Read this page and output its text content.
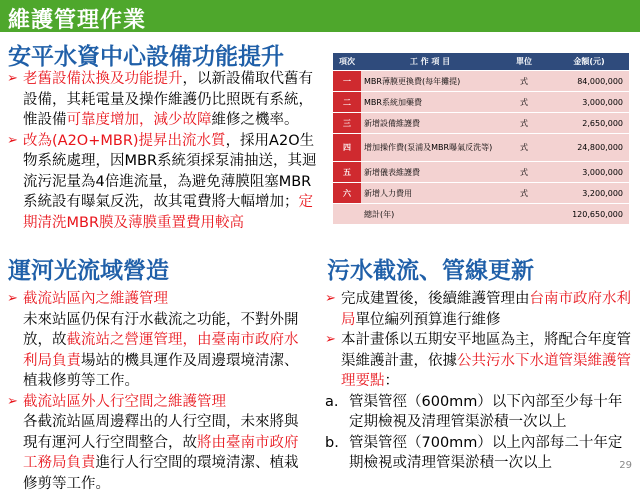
維護管理作業
安平水資中心設備功能提升
➢ 老舊設備汰換及功能提升，以新設備取代舊有設備，其耗電量及操作維護仍比照既有系統，惟設備可靠度增加，減少故障維修之機率。
➢ 改為(A2O+MBR)提昇出流水質，採用A2O生物系統處理，因MBR系統須採泵浦抽送，其迴流污泥量為4倍進流量，為避免薄膜阻塞MBR系統設有曝氣反洗，故其電費將大幅增加；定期清洗MBR膜及薄膜重置費用較高
項次	工 作 項 目	單位	金額(元)
一	MBR薄膜更換費(每年攤提)	式	84,000,000
二	MBR系統加藥費	式	3,000,000
三	新增設備維護費	式	2,650,000
四	增加操作費(泵浦及MBR曝氣反洗等)	式	24,800,000
五	新增儀表維護費	式	3,000,000
六	新增人力費用	式	3,200,000
	總計(年)		120,650,000
運河光流域營造
➢ 截流站區內之維護管理
未來站區仍保有汙水截流之功能，不對外開放，故截流站之營運管理，由臺南市政府水利局負責場站的機具運作及周邊環境清潔、植栽修剪等工作。
➢ 截流站區外人行空間之維護管理
各截流站區周邊釋出的人行空間，未來將與現有運河人行空間整合，故將由臺南市政府工務局負責進行人行空間的環境清潔、植栽修剪等工作。
污水截流、管線更新
➢ 完成建置後，後續維護管理由台南市政府水利局單位編列預算進行維修
➢ 本計畫係以五期安平地區為主，將配合年度管渠維護計畫，依據公共污水下水道管渠維護管理要點：
a. 管渠管徑（600mm）以下內部至少每十年定期檢視及清理管渠淤積一次以上
b. 管渠管徑（700mm）以上內部每二十年定期檢視或清理管渠淤積一次以上	29
